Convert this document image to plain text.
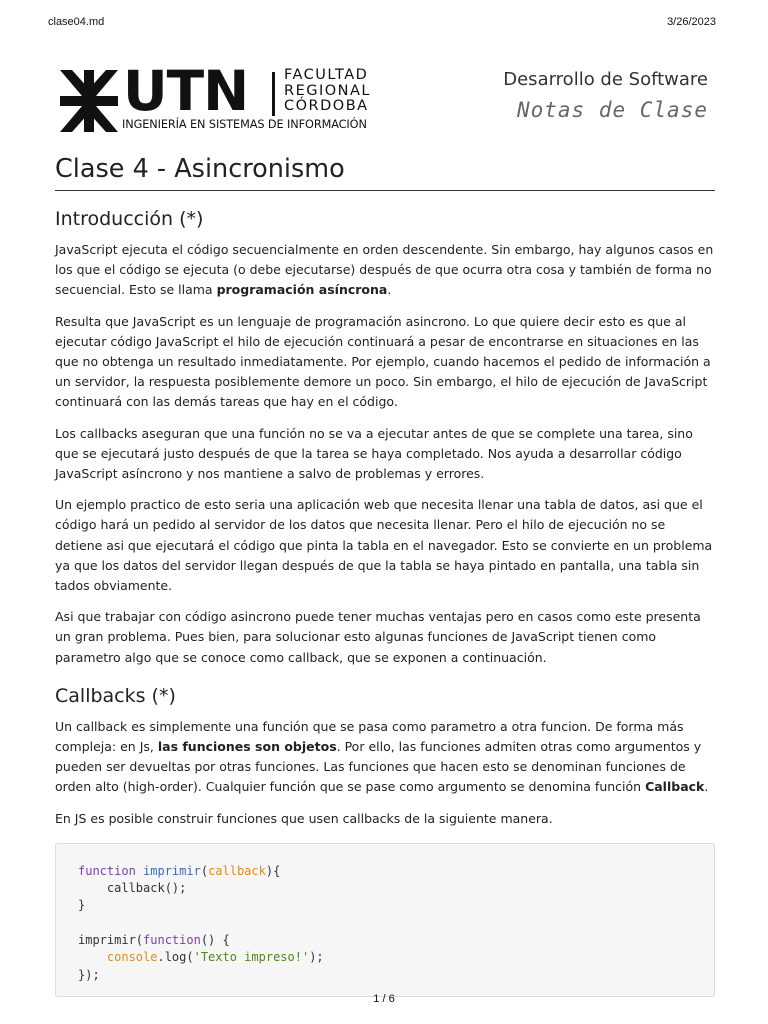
clase04.md	3/26/2023
UTN FACULTAD
REGIONAL
CÓRDOBA
INGENIERÍA EN SISTEMAS DE INFORMACIÓN
Desarrollo de Software
Notas de Clase
Clase 4 - Asincronismo
Introducción (*)

JavaScript ejecuta el código secuencialmente en orden descendente. Sin embargo, hay algunos casos en los que el código se ejecuta (o debe ejecutarse) después de que ocurra otra cosa y también de forma no secuencial. Esto se llama programación asíncrona.

Resulta que JavaScript es un lenguaje de programación asincrono. Lo que quiere decir esto es que al ejecutar código JavaScript el hilo de ejecución continuará a pesar de encontrarse en situaciones en las que no obtenga un resultado inmediatamente. Por ejemplo, cuando hacemos el pedido de información a un servidor, la respuesta posiblemente demore un poco. Sin embargo, el hilo de ejecución de JavaScript continuará con las demás tareas que hay en el código.

Los callbacks aseguran que una función no se va a ejecutar antes de que se complete una tarea, sino que se ejecutará justo después de que la tarea se haya completado. Nos ayuda a desarrollar código JavaScript asíncrono y nos mantiene a salvo de problemas y errores.

Un ejemplo practico de esto seria una aplicación web que necesita llenar una tabla de datos, asi que el código hará un pedido al servidor de los datos que necesita llenar. Pero el hilo de ejecución no se detiene asi que ejecutará el código que pinta la tabla en el navegador. Esto se convierte en un problema ya que los datos del servidor llegan después de que la tabla se haya pintado en pantalla, una tabla sin tados obviamente.

Asi que trabajar con código asincrono puede tener muchas ventajas pero en casos como este presenta un gran problema. Pues bien, para solucionar esto algunas funciones de JavaScript tienen como parametro algo que se conoce como callback, que se exponen a continuación.

Callbacks (*)

Un callback es simplemente una función que se pasa como parametro a otra funcion. De forma más compleja: en Js, las funciones son objetos. Por ello, las funciones admiten otras como argumentos y pueden ser devueltas por otras funciones. Las funciones que hacen esto se denominan funciones de orden alto (high-order). Cualquier función que se pase como argumento se denomina función Callback.

En JS es posible construir funciones que usen callbacks de la siguiente manera.

function imprimir(callback){
callback();
}
imprimir(function() {
console.log('Texto impreso!');
});
1 / 6
